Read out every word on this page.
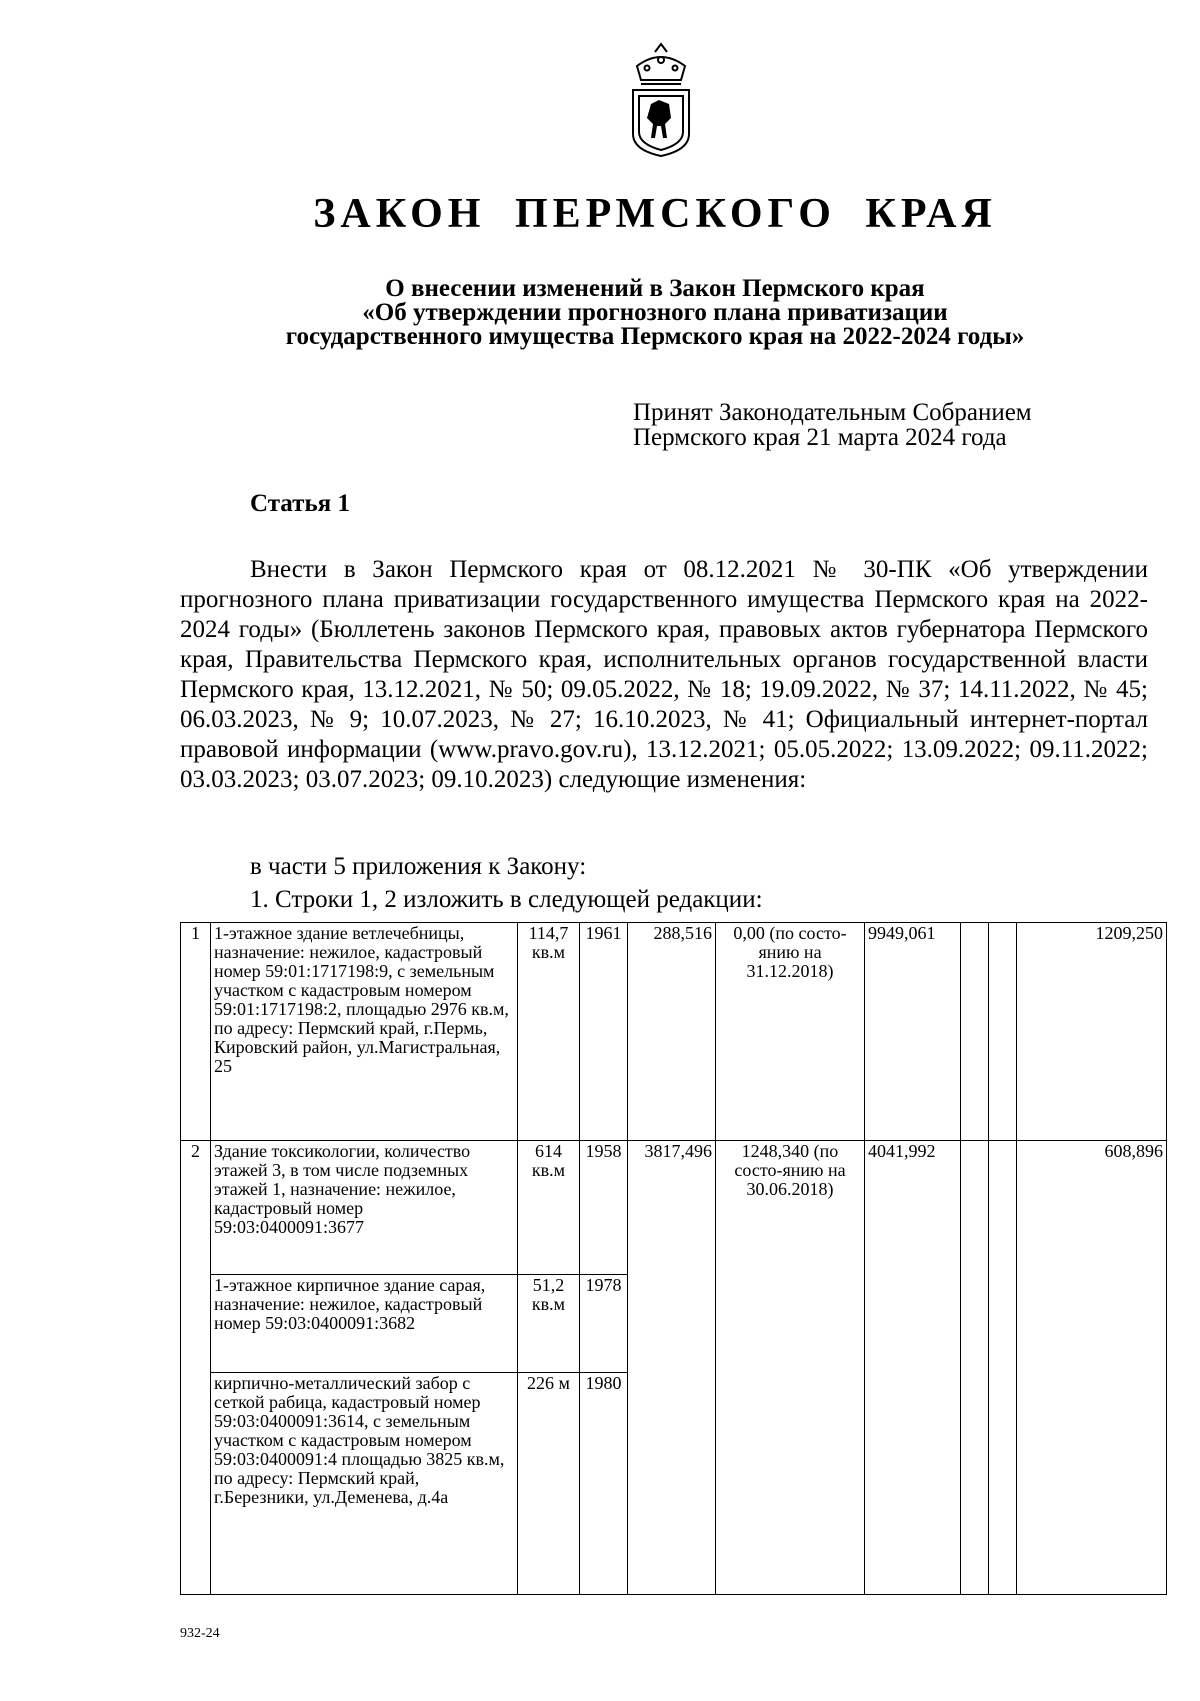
ЗАКОН ПЕРМСКОГО КРАЯ
О внесении изменений в Закон Пермского края
«Об утверждении прогнозного плана приватизации
государственного имущества Пермского края на 2022-2024 годы»
Принят Законодательным Собранием
Пермского края 21 марта 2024 года
Статья 1

Внести в Закон Пермского края от 08.12.2021 № 30-ПК «Об утверждении прогнозного плана приватизации государственного имущества Пермского края на 2022-2024 годы» (Бюллетень законов Пермского края, правовых актов губернатора Пермского края, Правительства Пермского края, исполнительных органов государственной власти Пермского края, 13.12.2021, № 50; 09.05.2022, № 18; 19.09.2022, № 37; 14.11.2022, № 45; 06.03.2023, № 9; 10.07.2023, № 27; 16.10.2023, № 41; Официальный интернет-портал правовой информации (www.pravo.gov.ru), 13.12.2021; 05.05.2022; 13.09.2022; 09.11.2022; 03.03.2023; 03.07.2023; 09.10.2023) следующие изменения:

в части 5 приложения к Закону:
1. Строки 1, 2 изложить в следующей редакции:
1	1-этажное здание ветлечебницы, назначение: нежилое, кадастровый номер 59:01:1717198:9, с земельным участком с кадастровым номером 59:01:1717198:2, площадью 2976 кв.м, по адресу: Пермский край, г.Пермь, Кировский район, ул.Магистральная, 25	114,7 кв.м	1961	288,516	0,00 (по состо-янию на 31.12.2018)	9949,061			1209,250
2	Здание токсикологии, количество этажей 3, в том числе подземных этажей 1, назначение: нежилое, кадастровый номер 59:03:0400091:3677	614 кв.м	1958	3817,496	1248,340 (по состо-янию на 30.06.2018)	4041,992			608,896
	1-этажное кирпичное здание сарая, назначение: нежилое, кадастровый номер 59:03:0400091:3682	51,2 кв.м	1978						
	кирпично-металлический забор с сеткой рабица, кадастровый номер 59:03:0400091:3614, с земельным участком с кадастровым номером 59:03:0400091:4 площадью 3825 кв.м, по адресу: Пермский край, г.Березники, ул.Деменева, д.4а	226 м	1980						
932-24
